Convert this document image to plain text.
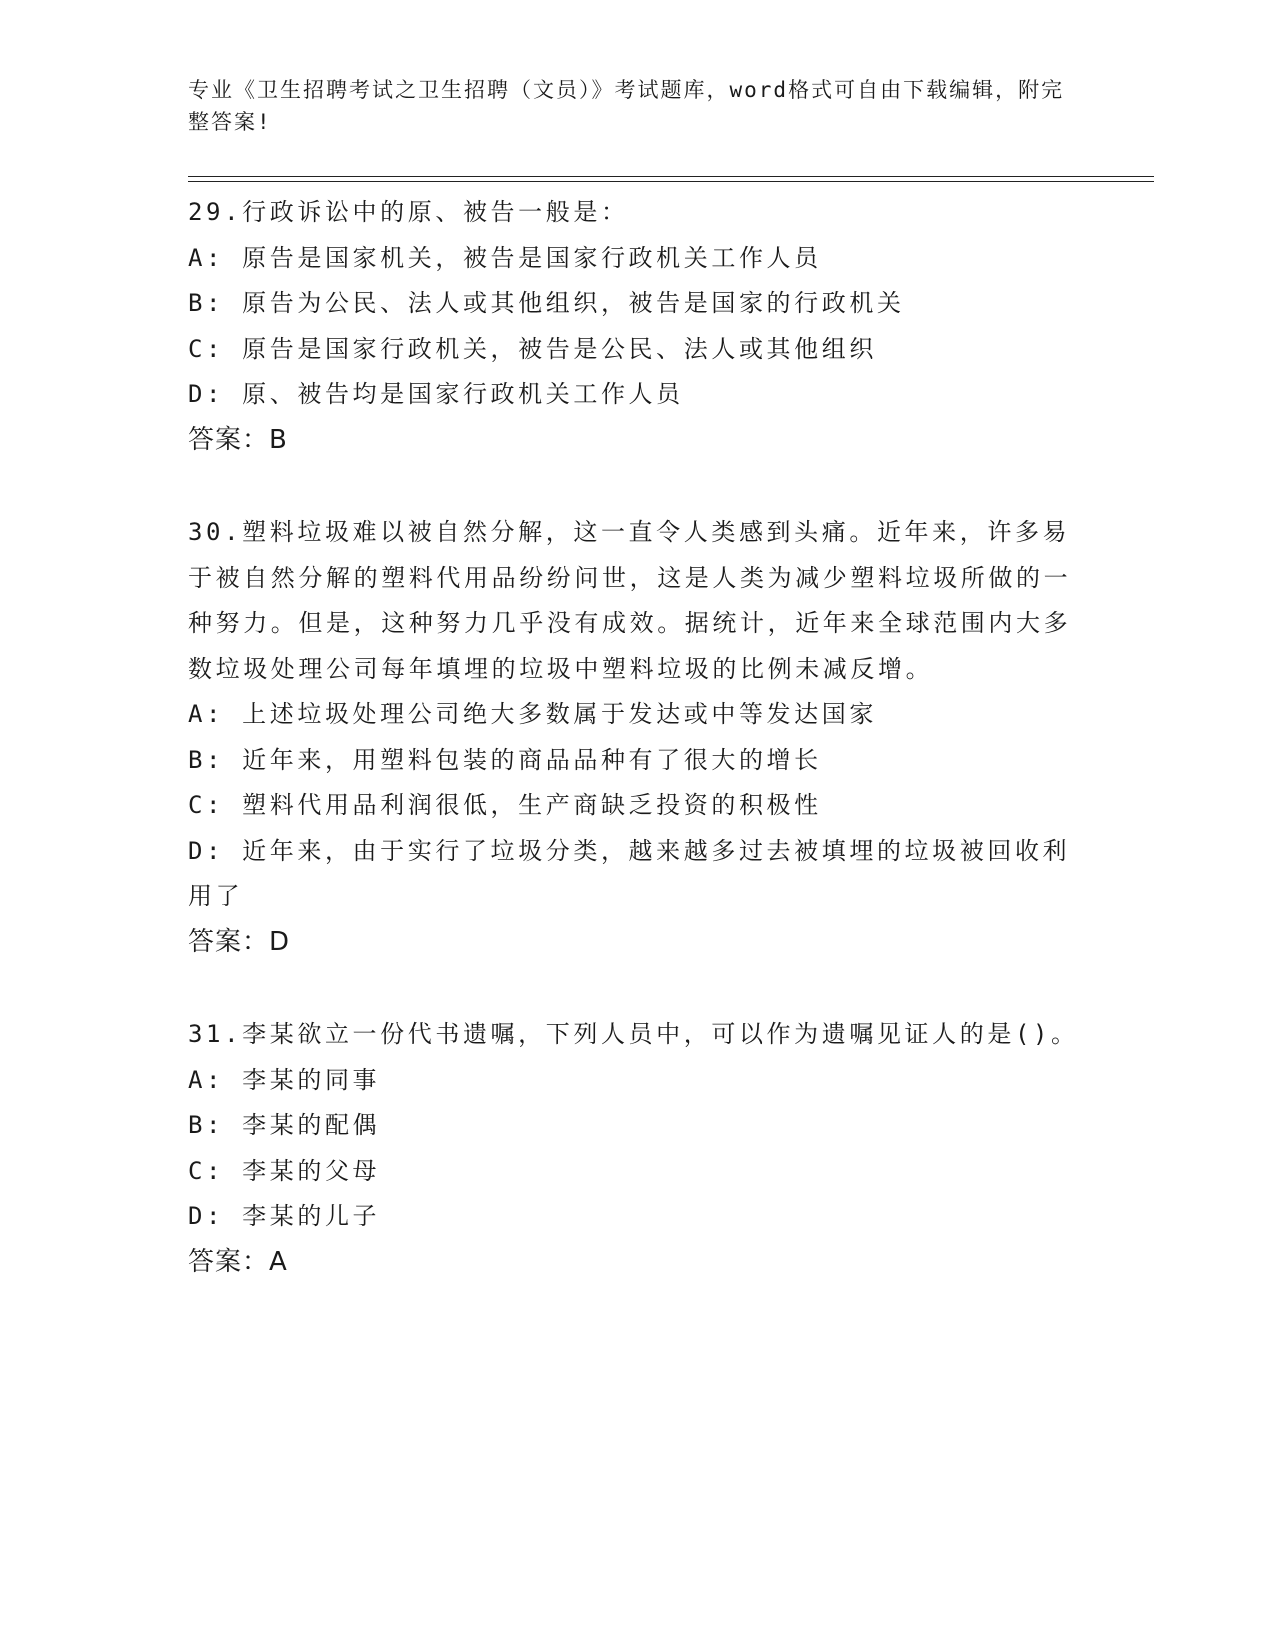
专业《卫生招聘考试之卫生招聘（文员）》考试题库，word格式可自由下载编辑，附完整答案!
29.行政诉讼中的原、被告一般是：
A: 原告是国家机关，被告是国家行政机关工作人员
B: 原告为公民、法人或其他组织，被告是国家的行政机关
C: 原告是国家行政机关，被告是公民、法人或其他组织
D: 原、被告均是国家行政机关工作人员
答案：B
30.塑料垃圾难以被自然分解，这一直令人类感到头痛。近年来，许多易于被自然分解的塑料代用品纷纷问世，这是人类为减少塑料垃圾所做的一种努力。但是，这种努力几乎没有成效。据统计，近年来全球范围内大多数垃圾处理公司每年填埋的垃圾中塑料垃圾的比例未减反增。
A: 上述垃圾处理公司绝大多数属于发达或中等发达国家
B: 近年来，用塑料包装的商品品种有了很大的增长
C: 塑料代用品利润很低，生产商缺乏投资的积极性
D: 近年来，由于实行了垃圾分类，越来越多过去被填埋的垃圾被回收利用了
答案：D
31.李某欲立一份代书遗嘱，下列人员中，可以作为遗嘱见证人的是()。
A: 李某的同事
B: 李某的配偶
C: 李某的父母
D: 李某的儿子
答案：A
